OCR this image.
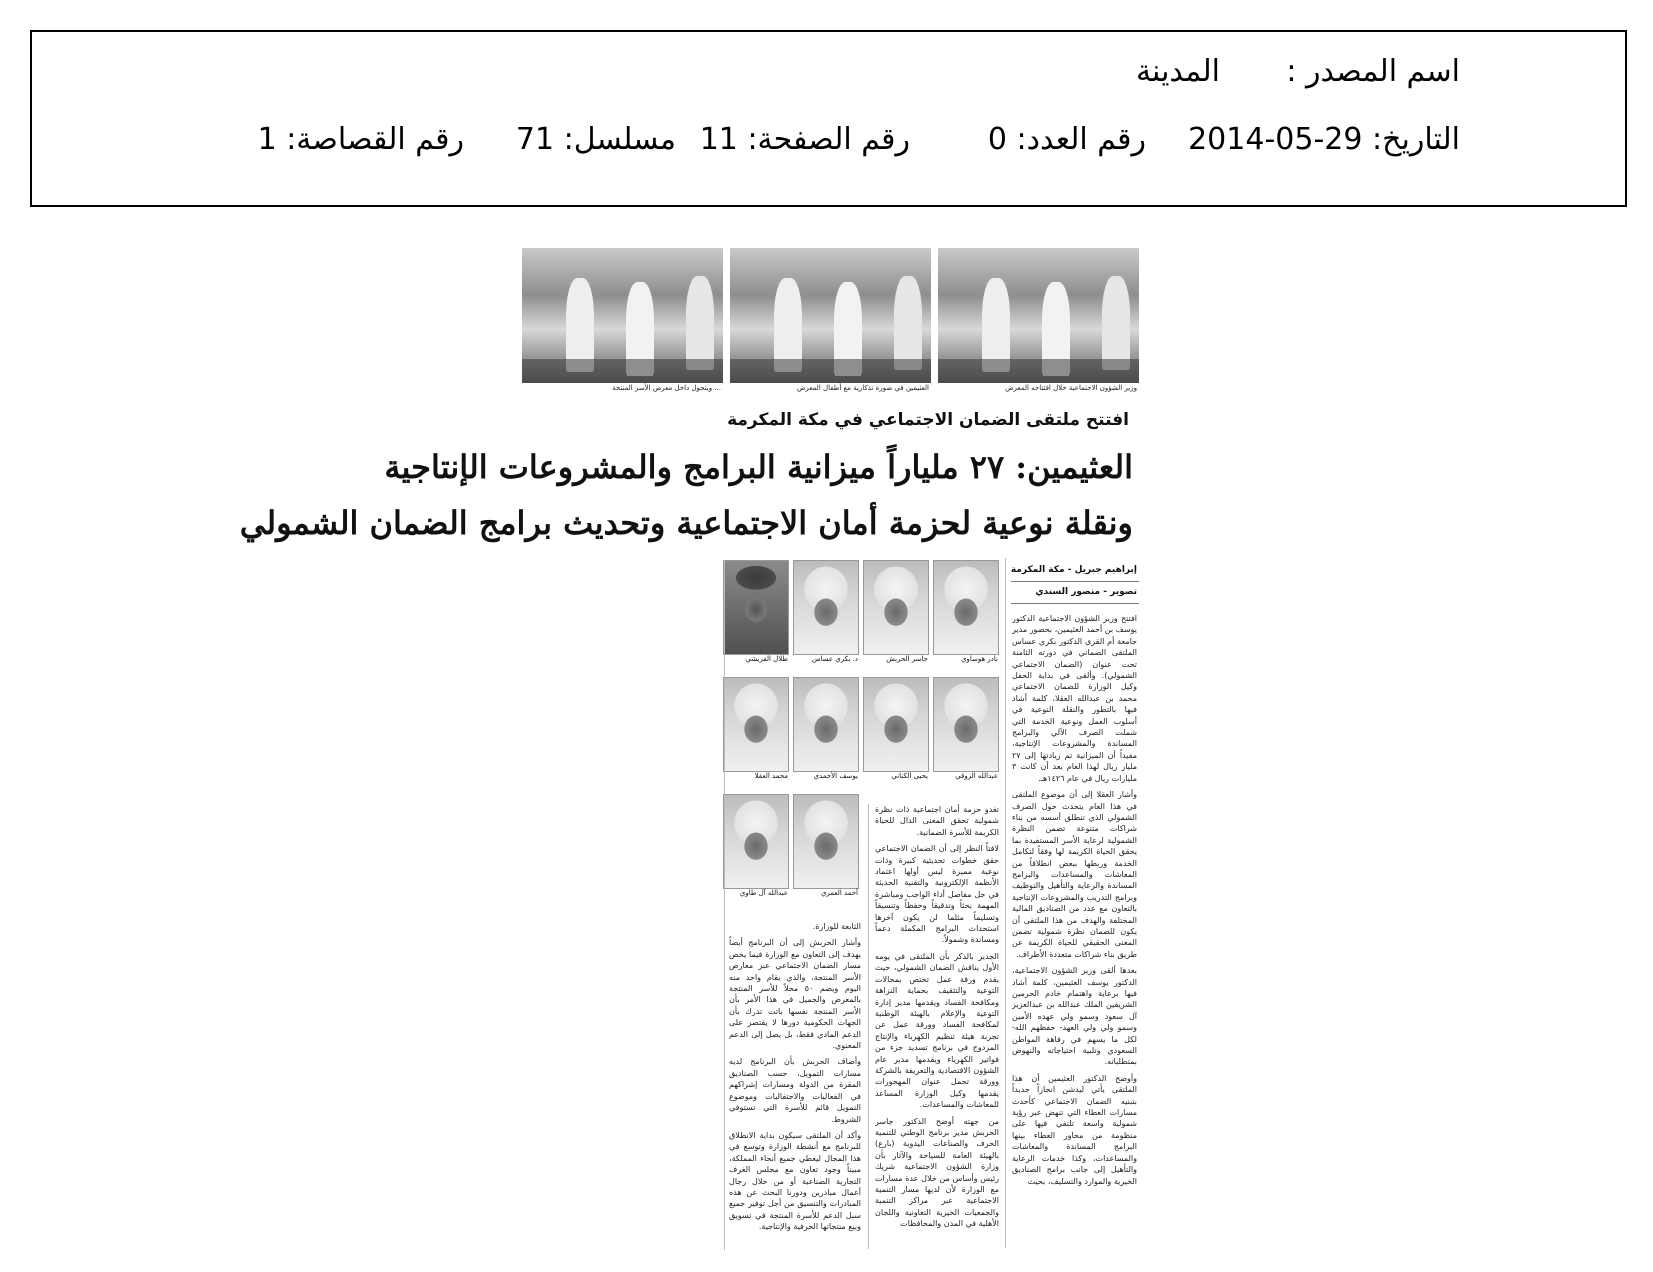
اسم المصدر :
المدينة
التاريخ: 29-05-2014
رقم العدد: 0
رقم الصفحة: 11
مسلسل: 71
رقم القصاصة: 1
وزير الشؤون الاجتماعية خلال افتتاحه المعرض
العثيمين في صورة تذكارية مع أطفال المعرض
... ويتجول داخل معرض الأسر المنتجة
افتتح ملتقى الضمان الاجتماعي في مكة المكرمة
العثيمين: ٢٧ ملياراً ميزانية البرامج والمشروعات الإنتاجية
ونقلة نوعية لحزمة أمان الاجتماعية وتحديث برامج الضمان الشمولي
إبراهيم جبريل - مكة المكرمة
تصوير - منصور السندي

افتتح وزير الشؤون الاجتماعية الدكتور يوسف بن أحمد العثيمين، بحضور مدير جامعة أم القرى الدكتور بكري عساس الملتقى الضماني في دورته الثامنة تحت عنوان (الضمان الاجتماعي الشمولي). وألقى في بداية الحفل وكيل الوزارة للضمان الاجتماعي محمد بن عبدالله العقلا، كلمة أشاد فيها بالتطور والنقلة النوعية في أسلوب العمل ونوعية الخدمة التي شملت الصرف الآلي والبرامج المساندة والمشروعات الإنتاجية، مفيداً أن الميزانية تم زيادتها إلى ٢٧ مليار ريال لهذا العام بعد أن كانت ٣ مليارات ريال في عام ١٤٢٦هـ.

وأشار العقلا إلى أن موضوع الملتقى في هذا العام يتحدث حول الصرف الشمولي الذي تنطلق أسسه من بناء شراكات متنوعة تضمن النظرة الشمولية لرعاية الأسر المستفيدة بما يحقق الحياة الكريمة لها وفقاً لتكامل الخدمة وربطها ببعض انطلاقاً من المعاشات والمساعدات والبرامج المساندة والرعاية والتأهيل والتوظيف وبرامج التدريب والمشروعات الإنتاجية بالتعاون مع عدد من الصناديق المالية المختلفة والهدف من هذا الملتقى أن يكون للضمان نظرة شمولية تضمن المعنى الحقيقي للحياة الكريمة عن طريق بناء شراكات متعددة الأطراف.

بعدها ألقى وزير الشؤون الاجتماعية، الدكتور يوسف العثيمين، كلمة أشاد فيها برعاية واهتمام خادم الحرمين الشريفين الملك عبدالله بن عبدالعزيز آل سعود وسمو ولي عهده الأمين وسمو ولي ولي العهد- حفظهم الله- لكل ما يسهم في رفاهة المواطن السعودي وتلبية احتياجاته والنهوض بمتطلباته.

وأوضح الدكتور العثيمين أن هذا الملتقى يأتي ليدشن انجازاً جديداً بتبنيه الضمان الاجتماعي كأحدث مسارات العطاء التي تنهض عبر رؤية شمولية واسعة تلتقي فيها على منظومة من محاور العطاء بينها البرامج المساندة والمعاشات والمساعدات، وكذا خدمات الرعاية والتأهيل إلى جانب برامج الصناديق الخيرية والموارد والتسليف، بحيث

نادر هوساوي
جاسر الحربش
د. بكري عساس
طلال الفريشي
عبدالله الزوقي
يحيى الكناني
يوسف الأحمدي
محمد العقلا
أحمد العمري
عبدالله آل طاوي

تغدو حزمة أمان اجتماعية ذات نظرة شمولية تحقق المعنى الدال للحياة الكريمة للأسرة الضمانية.

لافتاً النظر إلى أن الضمان الاجتماعي حقق خطوات تحديثية كبيرة وذات نوعية مميزة ليس أولها اعتماد الأنظمة الإلكترونية والتقنية الحديثة في جل مفاصل أداء الواجب ومباشرة المهمة بحثاً وتدقيقاً وحفظاً وتنسيقاً وتسليماً مثلما لن يكون آخرها استحداث البرامج المكملة دعماً ومساندة وشمولاً.

الجدير بالذكر بأن الملتقى في يومه الأول يناقش الضمان الشمولي، حيث يقدم ورقة عمل تختص بمجالات التوعية والتثقيف بحماية النزاهة ومكافحة الفساد ويقدمها مدير إدارة التوعية والإعلام بالهيئة الوطنية لمكافحة الفساد وورقة عمل عن تجربة هيئة تنظيم الكهرباء والإنتاج المزدوج في برنامج تسديد جزء من فواتير الكهرباء ويقدمها مدير عام الشؤون الاقتصادية والتعريفة بالشركة وورقة تحمل عنوان المهجورات يقدمها وكيل الوزارة المساعد للمعاشات والمساعدات.

من جهته أوضح الدكتور جاسر الحربش مدير برنامج الوطني للتنمية الحرف والصناعات اليدوية (بارع) بالهيئة العامة للسياحة والآثار بأن وزارة الشؤون الاجتماعية شريك رئيس وأساس من خلال عدة مسارات مع الوزارة لأن لديها مسار التنمية الاجتماعية عبر مراكز التنمية والجمعيات الخيرية التعاونية واللجان الأهلية في المدن والمحافظات

التابعة للوزارة.

وأشار الحربش إلى أن البرنامج أيضاً يهدف إلى التعاون مع الوزارة فيما يخص مسار الضمان الاجتماعي عبر معارض الأسر المنتجة، والذي يقام واحد منه اليوم ويضم ٥٠ محلاً للأسر المنتجة بالمعرض والجميل في هذا الأمر بأن الأسر المنتجة نفسها باتت تدرك بأن الجهات الحكومية دورها لا يقتصر على الدعم المادي فقط، بل يصل إلى الدعم المعنوي.

وأضاف الحربش بأن البرنامج لديه مسارات التمويل، حسب الصناديق المقرة من الدولة ومسارات إشراكهم في الفعاليات والاحتفاليات وموضوع التمويل قائم للأسرة التي تستوفي الشروط.

وأكد أن الملتقى سيكون بداية الانطلاق للبرنامج مع أنشطة الوزارة وتوسع في هذا المجال ليغطي جميع أنحاء المملكة، مبيناً وجود تعاون مع مجلس الغرف التجارية الصناعية أو من خلال رجال أعمال مبادرين ودورنا البحث عن هذه المبادرات والتنسيق من أجل توفير جميع سبل الدعم للأسرة المنتجة في تسويق وبيع منتجاتها الحرفية والإنتاجية.
